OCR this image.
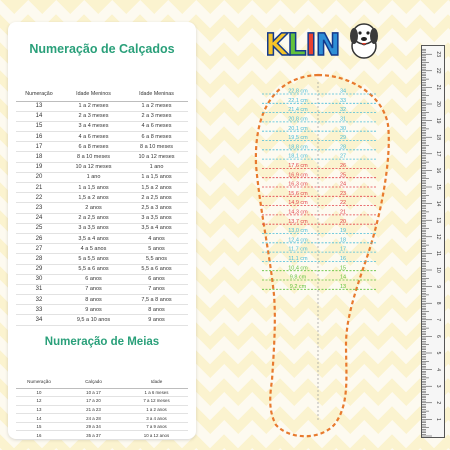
Numeração de Calçados
Numeração	Idade Meninos	Idade Meninas
13	1 a 2 meses	1 a 2 meses
14	2 a 3 meses	2 a 3 meses
15	3 a 4 meses	4 a 6 meses
16	4 a 6 meses	6 a 8 meses
17	6 a 8 meses	8 a 10 meses
18	8 a 10 meses	10 a 12 meses
19	10 a 12 meses	1 ano
20	1 ano	1 a 1,5 anos
21	1 a 1,5 anos	1,5 a 2 anos
22	1,5 a 2 anos	2 a 2,5 anos
23	2 anos	2,5 a 3 anos
24	2 a 2,5 anos	3 a 3,5 anos
25	3 a 3,5 anos	3,5 a 4 anos
26	3,5 a 4 anos	4 anos
27	4 a 5 anos	5 anos
28	5 a 5,5 anos	5,5 anos
29	5,5 a 6 anos	5,5 a 6 anos
30	6 anos	6 anos
31	7 anos	7 anos
32	8 anos	7,5 a 8 anos
33	9 anos	8 anos
34	9,5 a 10 anos	9 anos
Numeração de Meias
Numeração	Calçado	Idade
10	10 a 17	1 a 6 meses
12	17 a 20	7 a 12 meses
13	21 a 23	1 a 2 anos
14	24 a 28	3 a 4 anos
15	29 a 34	7 a 9 anos
16	35 a 37	10 a 12 anos
KLIN
22,8 cm	34
22,1 cm	33
21,4 cm	32
20,8 cm	31
20,1 cm	30
19,5 cm	29
18,8 cm	28
18,1 cm	27
17,6 cm	26
16,9 cm	25
16,3 cm	24
15,6 cm	23
14,9 cm	22
14,3 cm	21
13,7 cm	20
13,0 cm	19
12,4 cm	18
11,7 cm	17
11,1 cm	16
10,4 cm	15
9,8 cm	14
9,2 cm	13
1
2
3
4
5
6
7
8
9
10
11
12
13
14
15
16
17
18
19
20
21
22
23
